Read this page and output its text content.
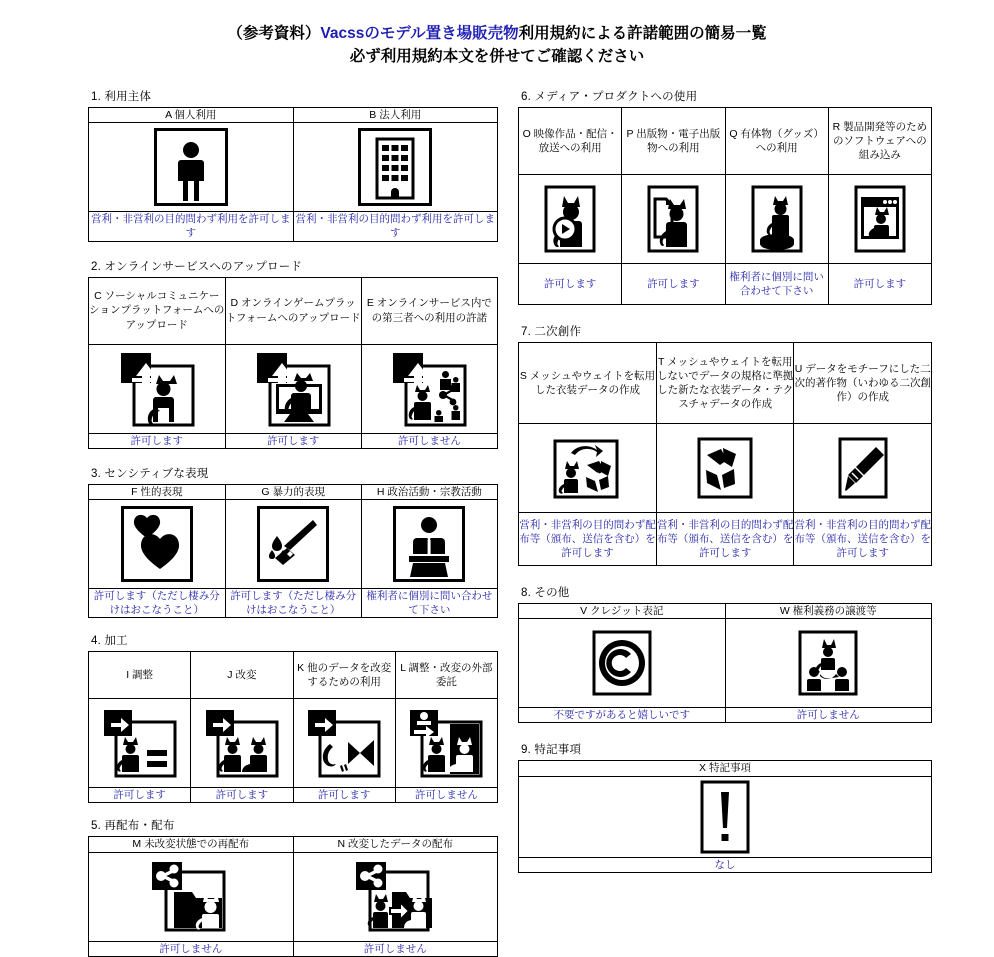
（参考資料）Vacssのモデル置き場販売物利用規約による許諾範囲の簡易一覧
必ず利用規約本文を併せてご確認ください
1. 利用主体
A 個人利用	B 法人利用

営利・非営利の目的問わず利用を許可します	営利・非営利の目的問わず利用を許可します
2. オンラインサービスへのアップロード
C ソーシャルコミュニケーションプラットフォームへのアップロード	D オンラインゲームプラットフォームへのアップロード	E オンラインサービス内での第三者への利用の許諾

許可します	許可します	許可しません
3. センシティブな表現
F 性的表現	G 暴力的表現	H 政治活動・宗教活動

許可します（ただし棲み分けはおこなうこと）	許可します（ただし棲み分けはおこなうこと）	権利者に個別に問い合わせて下さい
4. 加工
I 調整	J 改変	K 他のデータを改変するための利用	L 調整・改変の外部委託

許可します	許可します	許可します	許可しません
5. 再配布・配布
M 未改変状態での再配布	N 改変したデータの配布

許可しません	許可しません
6. メディア・プロダクトへの使用
O 映像作品・配信・放送への利用	P 出版物・電子出版物への利用	Q 有体物（グッズ）への利用	R 製品開発等のためのソフトウェアへの組み込み

許可します	許可します	権利者に個別に問い合わせて下さい	許可します
7. 二次創作
S メッシュやウェイトを転用した衣装データの作成	T メッシュやウェイトを転用しないでデータの規格に準拠した新たな衣装データ・テクスチャデータの作成	U データをモチーフにした二次的著作物（いわゆる二次創作）の作成

営利・非営利の目的問わず配布等（頒布、送信を含む）を許可します	営利・非営利の目的問わず配布等（頒布、送信を含む）を許可します	営利・非営利の目的問わず配布等（頒布、送信を含む）を許可します
8. その他
V クレジット表記	W 権利義務の譲渡等

不要ですがあると嬉しいです	許可しません
9. 特記事項
X 特記事項

なし
